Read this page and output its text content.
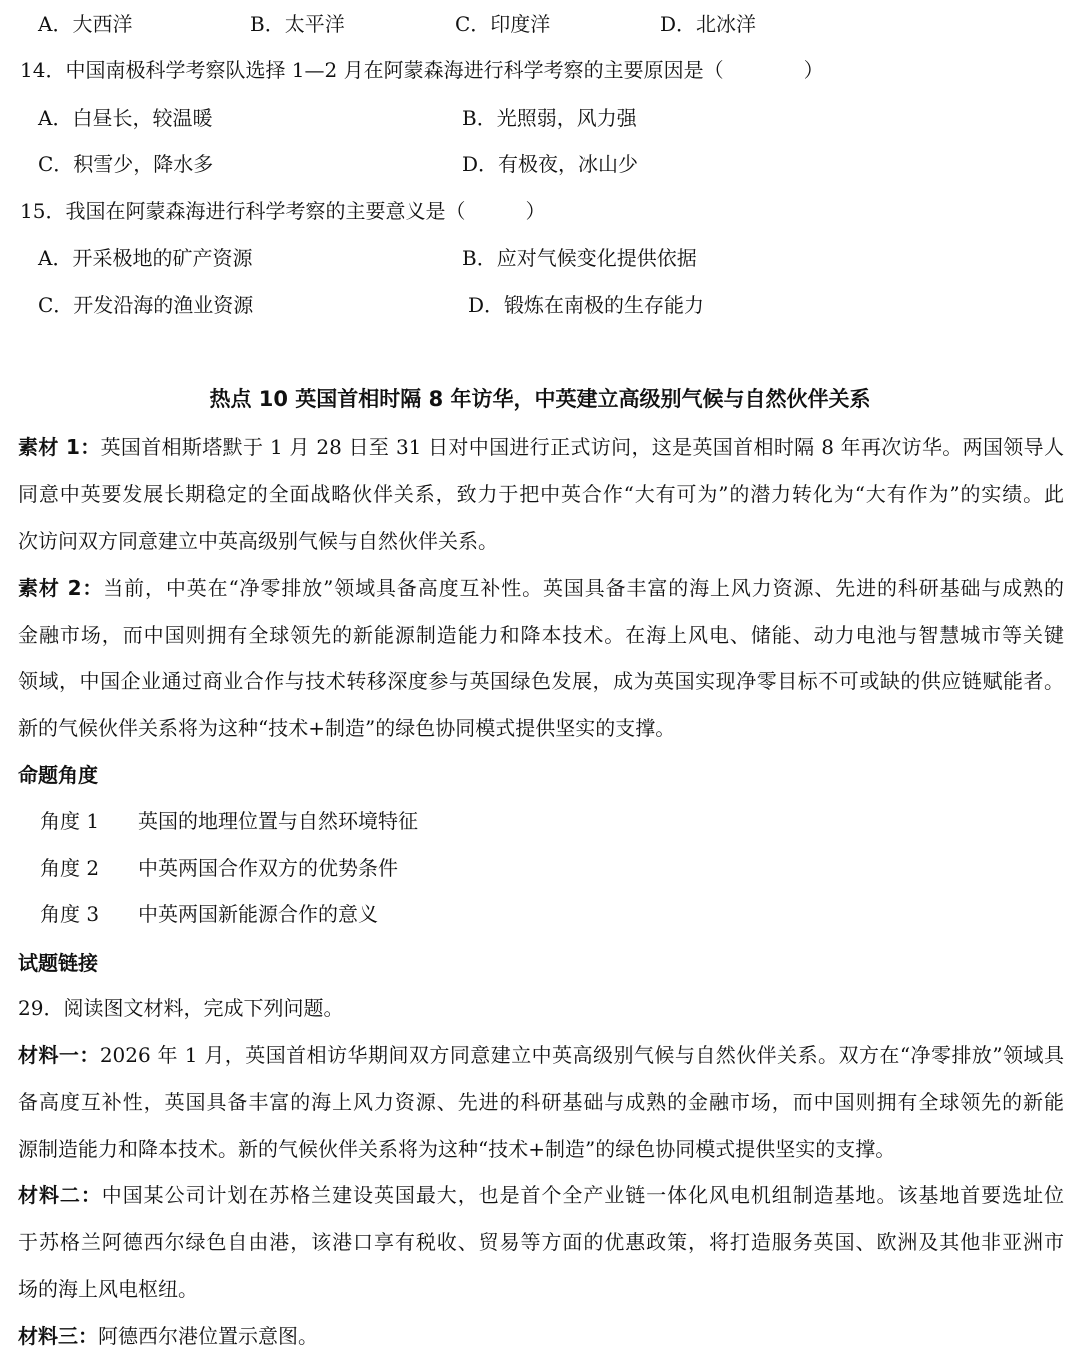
A．大西洋	B．太平洋	C．印度洋	D．北冰洋
14．中国南极科学考察队选择 1—2 月在阿蒙森海进行科学考察的主要原因是（　　　　）
A．白昼长，较温暖	B．光照弱，风力强
C．积雪少，降水多	D．有极夜，冰山少
15．我国在阿蒙森海进行科学考察的主要意义是（　　　）
A．开采极地的矿产资源	B．应对气候变化提供依据
C．开发沿海的渔业资源	D．锻炼在南极的生存能力
热点 10 英国首相时隔 8 年访华，中英建立高级别气候与自然伙伴关系
素材 1：英国首相斯塔默于 1 月 28 日至 31 日对中国进行正式访问，这是英国首相时隔 8 年再次访华。两国领导人
同意中英要发展长期稳定的全面战略伙伴关系，致力于把中英合作“大有可为”的潜力转化为“大有作为”的实绩。此
次访问双方同意建立中英高级别气候与自然伙伴关系。
素材 2：当前，中英在“净零排放”领域具备高度互补性。英国具备丰富的海上风力资源、先进的科研基础与成熟的
金融市场，而中国则拥有全球领先的新能源制造能力和降本技术。在海上风电、储能、动力电池与智慧城市等关键
领域，中国企业通过商业合作与技术转移深度参与英国绿色发展，成为英国实现净零目标不可或缺的供应链赋能者。
新的气候伙伴关系将为这种“技术+制造”的绿色协同模式提供坚实的支撑。
命题角度
角度 1 英国的地理位置与自然环境特征
角度 2 中英两国合作双方的优势条件
角度 3 中英两国新能源合作的意义
试题链接
29．阅读图文材料，完成下列问题。
材料一：2026 年 1 月，英国首相访华期间双方同意建立中英高级别气候与自然伙伴关系。双方在“净零排放”领域具
备高度互补性，英国具备丰富的海上风力资源、先进的科研基础与成熟的金融市场，而中国则拥有全球领先的新能
源制造能力和降本技术。新的气候伙伴关系将为这种“技术+制造”的绿色协同模式提供坚实的支撑。
材料二：中国某公司计划在苏格兰建设英国最大，也是首个全产业链一体化风电机组制造基地。该基地首要选址位
于苏格兰阿德西尔绿色自由港，该港口享有税收、贸易等方面的优惠政策，将打造服务英国、欧洲及其他非亚洲市
场的海上风电枢纽。
材料三：阿德西尔港位置示意图。
